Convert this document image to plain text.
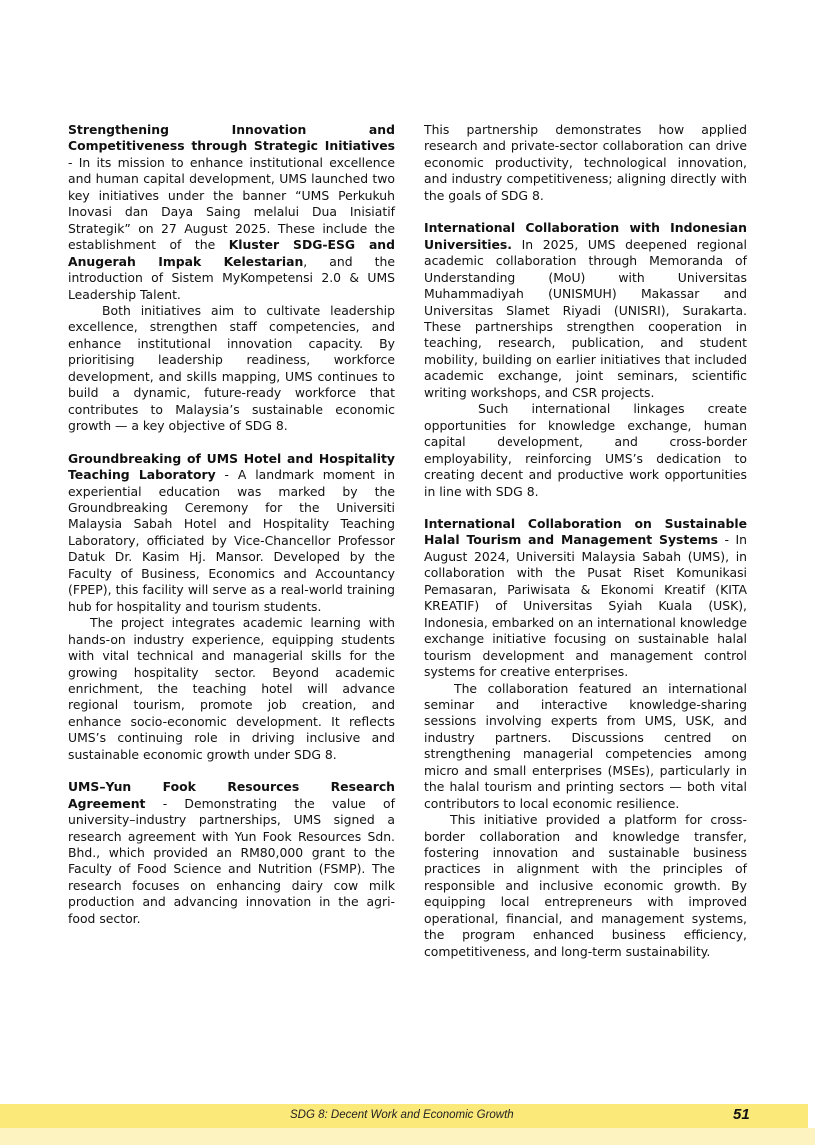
Strengthening Innovation and Competitiveness through Strategic Initiatives - In its mission to enhance institutional excellence and human capital development, UMS launched two key initiatives under the banner “UMS Perkukuh Inovasi dan Daya Saing melalui Dua Inisiatif Strategik” on 27 August 2025. These include the establishment of the Kluster SDG-ESG and Anugerah Impak Kelestarian, and the introduction of Sistem MyKompetensi 2.0 & UMS Leadership Talent.

Both initiatives aim to cultivate leadership excellence, strengthen staff competencies, and enhance institutional innovation capacity. By prioritising leadership readiness, workforce development, and skills mapping, UMS continues to build a dynamic, future-ready workforce that contributes to Malaysia’s sustainable economic growth — a key objective of SDG 8.

Groundbreaking of UMS Hotel and Hospitality Teaching Laboratory - A landmark moment in experiential education was marked by the Groundbreaking Ceremony for the Universiti Malaysia Sabah Hotel and Hospitality Teaching Laboratory, officiated by Vice-Chancellor Professor Datuk Dr. Kasim Hj. Mansor. Developed by the Faculty of Business, Economics and Accountancy (FPEP), this facility will serve as a real-world training hub for hospitality and tourism students.

The project integrates academic learning with hands-on industry experience, equipping students with vital technical and managerial skills for the growing hospitality sector. Beyond academic enrichment, the teaching hotel will advance regional tourism, promote job creation, and enhance socio-economic development. It reflects UMS’s continuing role in driving inclusive and sustainable economic growth under SDG 8.

UMS–Yun Fook Resources Research Agreement - Demonstrating the value of university–industry partnerships, UMS signed a research agreement with Yun Fook Resources Sdn. Bhd., which provided an RM80,000 grant to the Faculty of Food Science and Nutrition (FSMP). The research focuses on enhancing dairy cow milk production and advancing innovation in the agri-food sector.

This partnership demonstrates how applied research and private-sector collaboration can drive economic productivity, technological innovation, and industry competitiveness; aligning directly with the goals of SDG 8.

International Collaboration with Indonesian Universities. In 2025, UMS deepened regional academic collaboration through Memoranda of Understanding (MoU) with Universitas Muhammadiyah (UNISMUH) Makassar and Universitas Slamet Riyadi (UNISRI), Surakarta. These partnerships strengthen cooperation in teaching, research, publication, and student mobility, building on earlier initiatives that included academic exchange, joint seminars, scientific writing workshops, and CSR projects.

Such international linkages create opportunities for knowledge exchange, human capital development, and cross-border employability, reinforcing UMS’s dedication to creating decent and productive work opportunities in line with SDG 8.

International Collaboration on Sustainable Halal Tourism and Management Systems - In August 2024, Universiti Malaysia Sabah (UMS), in collaboration with the Pusat Riset Komunikasi Pemasaran, Pariwisata & Ekonomi Kreatif (KITA KREATIF) of Universitas Syiah Kuala (USK), Indonesia, embarked on an international knowledge exchange initiative focusing on sustainable halal tourism development and management control systems for creative enterprises.

The collaboration featured an international seminar and interactive knowledge-sharing sessions involving experts from UMS, USK, and industry partners. Discussions centred on strengthening managerial competencies among micro and small enterprises (MSEs), particularly in the halal tourism and printing sectors — both vital contributors to local economic resilience.

This initiative provided a platform for cross-border collaboration and knowledge transfer, fostering innovation and sustainable business practices in alignment with the principles of responsible and inclusive economic growth. By equipping local entrepreneurs with improved operational, financial, and management systems, the program enhanced business efficiency, competitiveness, and long-term sustainability.

SDG 8: Decent Work and Economic Growth	51
